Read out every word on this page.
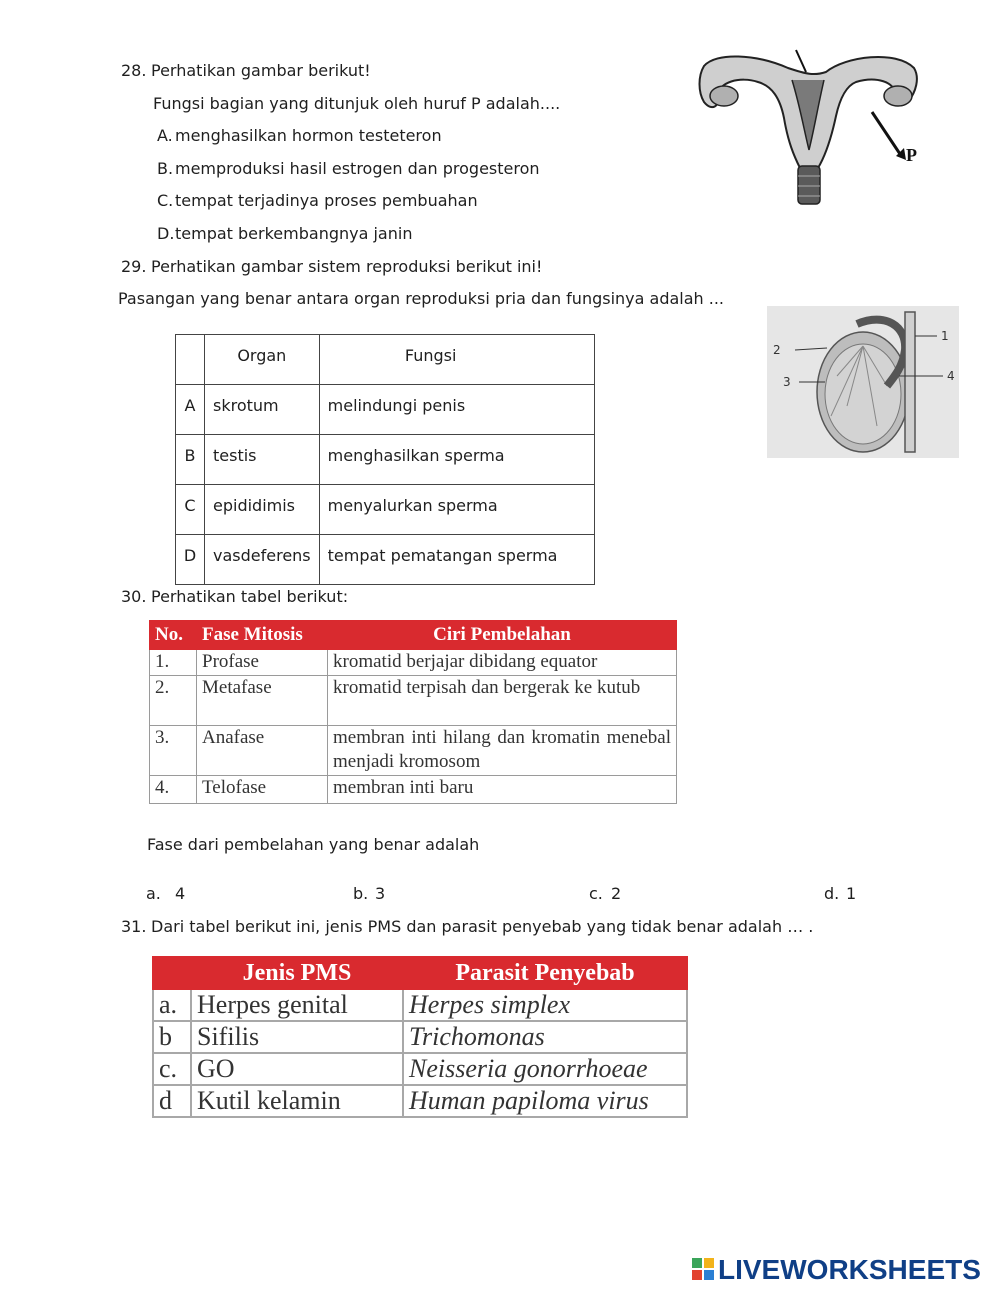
28. Perhatikan gambar berikut!
Fungsi bagian yang ditunjuk oleh huruf P adalah....
A. menghasilkan hormon testeteron
B. memproduksi hasil estrogen dan progesteron
C. tempat terjadinya proses pembuahan
D.tempat berkembangnya janin
P
29. Perhatikan gambar sistem reproduksi berikut ini!
Pasangan yang benar antara organ reproduksi pria dan fungsinya adalah ...
	Organ	Fungsi
A	skrotum	melindungi penis
B	testis	menghasilkan sperma
C	epididimis	menyalurkan sperma
D	vasdeferens	tempat pematangan sperma
1
2
3	4
30. Perhatikan tabel berikut:
No.	Fase Mitosis	Ciri Pembelahan
1.	Profase	kromatid berjajar dibidang equator
2.	Metafase	kromatid terpisah dan bergerak ke kutub
3.	Anafase	membran inti hilang dan kromatin menebal menjadi kromosom
4.	Telofase	membran inti baru
Fase dari pembelahan yang benar adalah
a. 4	b. 3	c. 2	d. 1
31. Dari tabel berikut ini, jenis PMS dan parasit penyebab yang tidak benar adalah … .
	Jenis PMS	Parasit Penyebab
a.	Herpes genital	Herpes simplex
b	Sifilis	Trichomonas
c.	GO	Neisseria gonorrhoeae
d	Kutil kelamin	Human papiloma virus
LIVEWORKSHEETS
